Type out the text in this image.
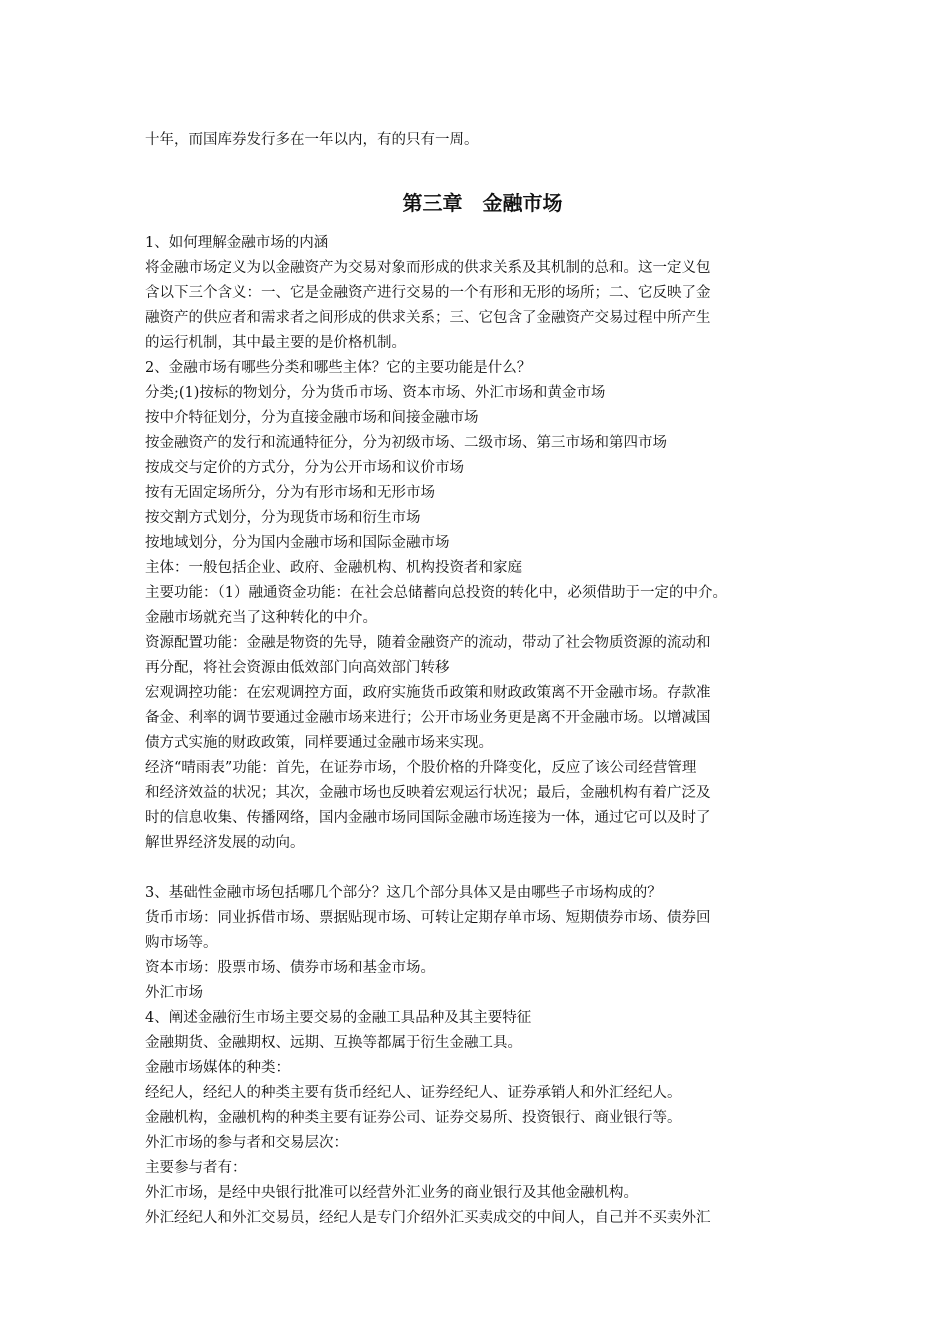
十年，而国库券发行多在一年以内，有的只有一周。

第三章　金融市场

1、如何理解金融市场的内涵

将金融市场定义为以金融资产为交易对象而形成的供求关系及其机制的总和。这一定义包

含以下三个含义：一、它是金融资产进行交易的一个有形和无形的场所；二、它反映了金

融资产的供应者和需求者之间形成的供求关系；三、它包含了金融资产交易过程中所产生

的运行机制，其中最主要的是价格机制。

2、金融市场有哪些分类和哪些主体？它的主要功能是什么？

分类;(1)按标的物划分，分为货币市场、资本市场、外汇市场和黄金市场

按中介特征划分，分为直接金融市场和间接金融市场

按金融资产的发行和流通特征分，分为初级市场、二级市场、第三市场和第四市场

按成交与定价的方式分，分为公开市场和议价市场

按有无固定场所分，分为有形市场和无形市场

按交割方式划分，分为现货市场和衍生市场

按地域划分，分为国内金融市场和国际金融市场

主体：一般包括企业、政府、金融机构、机构投资者和家庭

主要功能：（1）融通资金功能：在社会总储蓄向总投资的转化中，必须借助于一定的中介。

金融市场就充当了这种转化的中介。

资源配置功能：金融是物资的先导，随着金融资产的流动，带动了社会物质资源的流动和

再分配，将社会资源由低效部门向高效部门转移

宏观调控功能：在宏观调控方面，政府实施货币政策和财政政策离不开金融市场。存款准

备金、利率的调节要通过金融市场来进行；公开市场业务更是离不开金融市场。以增减国

债方式实施的财政政策，同样要通过金融市场来实现。

经济“晴雨表”功能：首先，在证券市场，个股价格的升降变化，反应了该公司经营管理

和经济效益的状况；其次，金融市场也反映着宏观运行状况；最后，金融机构有着广泛及

时的信息收集、传播网络，国内金融市场同国际金融市场连接为一体，通过它可以及时了

解世界经济发展的动向。

3、基础性金融市场包括哪几个部分？这几个部分具体又是由哪些子市场构成的？

货币市场：同业拆借市场、票据贴现市场、可转让定期存单市场、短期债券市场、债券回

购市场等。

资本市场：股票市场、债券市场和基金市场。

外汇市场

4、阐述金融衍生市场主要交易的金融工具品种及其主要特征

金融期货、金融期权、远期、互换等都属于衍生金融工具。

金融市场媒体的种类：

经纪人，经纪人的种类主要有货币经纪人、证券经纪人、证券承销人和外汇经纪人。

金融机构，金融机构的种类主要有证券公司、证券交易所、投资银行、商业银行等。

外汇市场的参与者和交易层次：

主要参与者有：

外汇市场，是经中央银行批准可以经营外汇业务的商业银行及其他金融机构。

外汇经纪人和外汇交易员，经纪人是专门介绍外汇买卖成交的中间人，自己并不买卖外汇
